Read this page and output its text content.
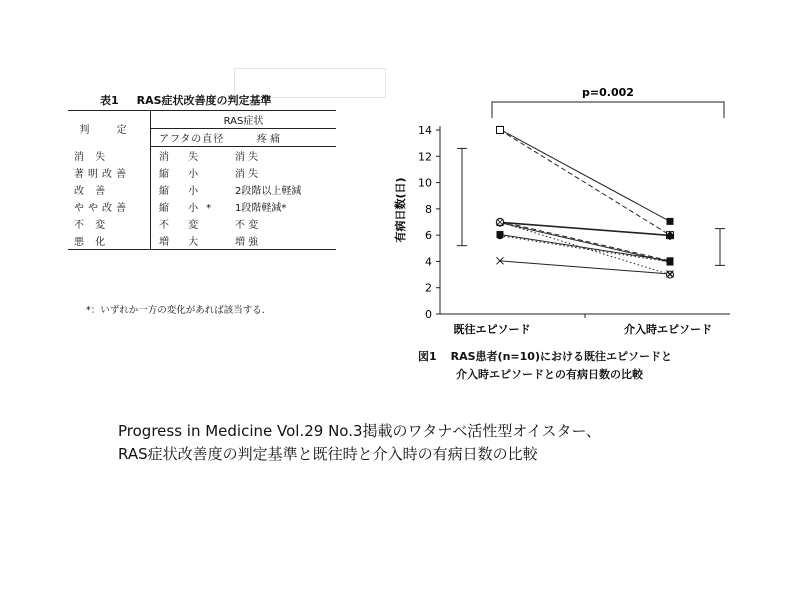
表1 RAS症状改善度の判定基準
判 定	RAS症状	
	アフタの直径	疼 痛
消 失	消 失	消 失
著明改善	縮 小	消 失
改 善	縮 小	2段階以上軽減
やや改善	縮 小*	1段階軽減*
不 変	不 変	不 変
悪 化	増 大	増 強
*：いずれか一方の変化があれば該当する.
有病日数(日)
0
2
4
6
8
10
12
14
既往エピソード	介入時エピソード
p=0.002
図1 RAS患者(n=10)における既往エピソードと
介入時エピソードとの有病日数の比較
Progress in Medicine Vol.29 No.3掲載のワタナベ活性型オイスター、
RAS症状改善度の判定基準と既往時と介入時の有病日数の比較
